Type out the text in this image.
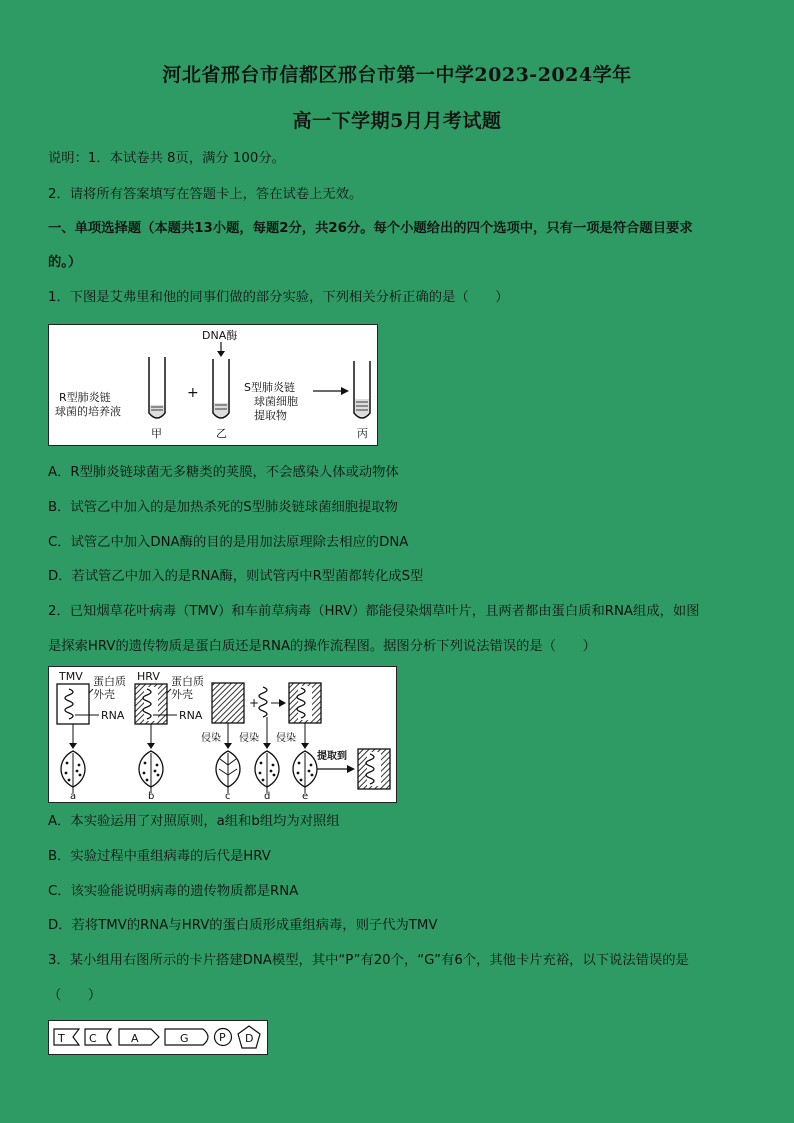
河北省邢台市信都区邢台市第一中学2023-2024学年
高一下学期5月月考试题
说明：1．本试卷共 8页，满分 100分。
2．请将所有答案填写在答题卡上，答在试卷上无效。
一、单项选择题（本题共13小题，每题2分，共26分。每个小题给出的四个选项中，只有一项是符合题目要求
的。）
1．下图是艾弗里和他的同事们做的部分实验，下列相关分析正确的是（　　）
DNA酶
R型肺炎链
球菌的培养液
+	S型肺炎链
球菌细胞
提取物
甲	乙	丙
A．R型肺炎链球菌无多糖类的荚膜，不会感染人体或动物体
B．试管乙中加入的是加热杀死的S型肺炎链球菌细胞提取物
C．试管乙中加入DNA酶的目的是用加法原理除去相应的DNA
D．若试管乙中加入的是RNA酶，则试管丙中R型菌都转化成S型
2．已知烟草花叶病毒（TMV）和车前草病毒（HRV）都能侵染烟草叶片，且两者都由蛋白质和RNA组成，如图
是探索HRV的遗传物质是蛋白质还是RNA的操作流程图。据图分析下列说法错误的是（　　）
TMV 蛋白质
外壳
RNA
HRV 蛋白质
外壳
RNA
+
侵染 侵染 侵染
a	b	c	d	e
提取到
A．本实验运用了对照原则，a组和b组均为对照组
B．实验过程中重组病毒的后代是HRV
C．该实验能说明病毒的遗传物质都是RNA
D．若将TMV的RNA与HRV的蛋白质形成重组病毒，则子代为TMV
3．某小组用右图所示的卡片搭建DNA模型，其中“P”有20个，“G”有6个，其他卡片充裕，以下说法错误的是
（　　）
T C	A	G	P D
